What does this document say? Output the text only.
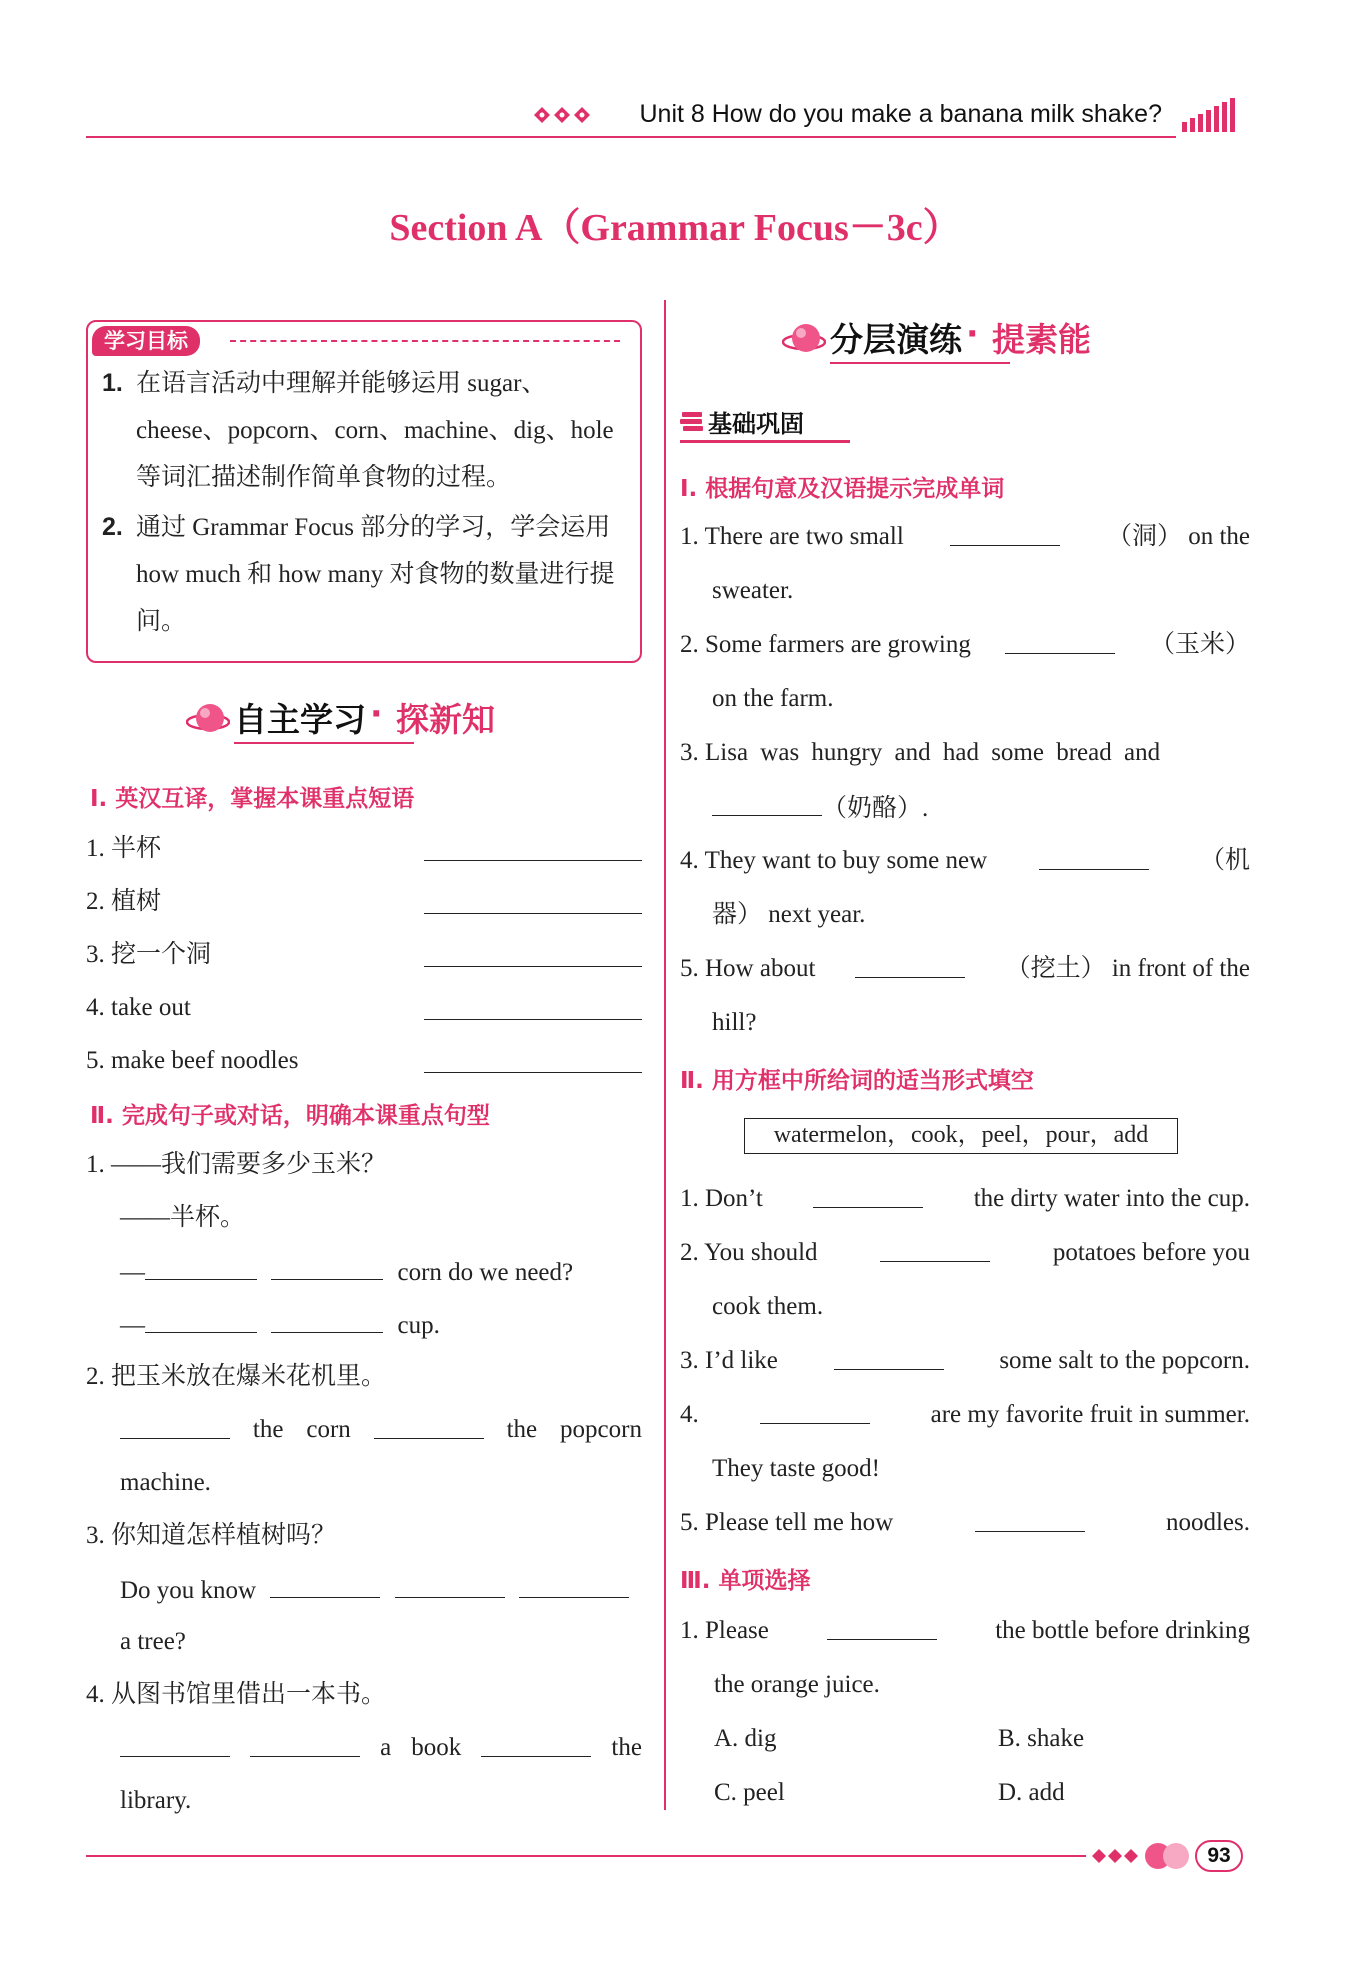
Unit 8 How do you make a banana milk shake?
Section A（Grammar Focus－3c）
学习目标
1. 在语言活动中理解并能够运用 sugar、cheese、popcorn、corn、machine、dig、hole 等词汇描述制作简单食物的过程。
2. 通过 Grammar Focus 部分的学习，学会运用 how much 和 how many 对食物的数量进行提问。
自主学习 · 探新知
Ⅰ. 英汉互译，掌握本课重点短语
1. 半杯
2. 植树
3. 挖一个洞
4. take out
5. make beef noodles
Ⅱ. 完成句子或对话，明确本课重点句型
1. ——我们需要多少玉米？
——半杯。
—	corn do we need?
—	cup.
2. 把玉米放在爆米花机里。
the corn	the popcorn
machine.
3. 你知道怎样植树吗？
Do you know
a tree?
4. 从图书馆里借出一本书。
a book	the
library.
分层演练 · 提素能
基础巩固
Ⅰ. 根据句意及汉语提示完成单词
1. There are two small	（洞） on the
sweater.
2. Some farmers are growing	（玉米）
on the farm.
3. Lisa was hungry and had some bread and
（奶酪）.
4. They want to buy some new	（机
器） next year.
5. How about	（挖土） in front of the
hill?
Ⅱ. 用方框中所给词的适当形式填空
watermelon，cook，peel，pour，add
1. Don’t	the dirty water into the cup.
2. You should	potatoes before you
cook them.
3. I’d like	some salt to the popcorn.
4.	are my favorite fruit in summer.
They taste good!
5. Please tell me how	noodles.
Ⅲ. 单项选择
1. Please	the bottle before drinking
the orange juice.
A. dig	B. shake
C. peel	D. add
93
